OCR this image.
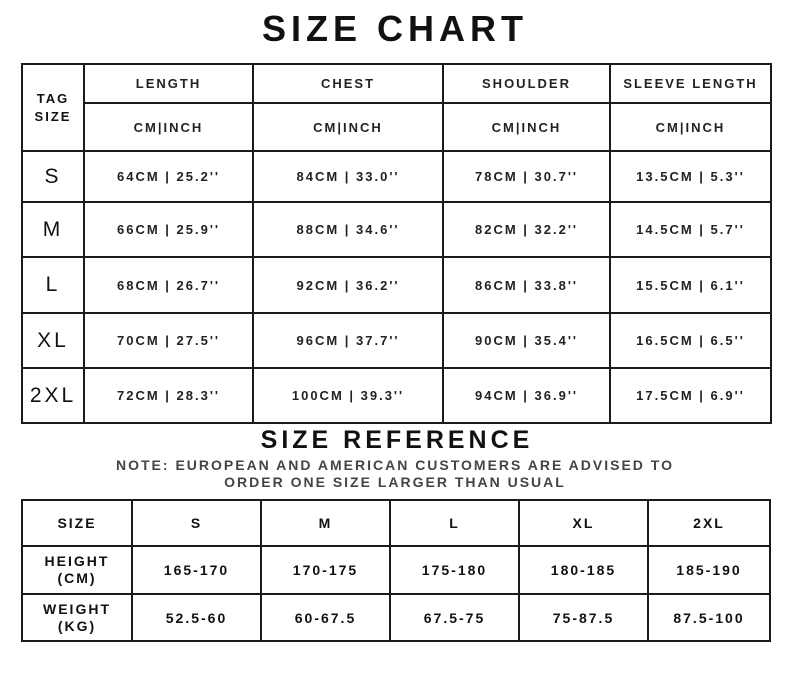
SIZE CHART
TAG
SIZE	LENGTH	CHEST	SHOULDER	SLEEVE LENGTH
	CM|INCH	CM|INCH	CM|INCH	CM|INCH
S	64CM | 25.2''	84CM | 33.0''	78CM | 30.7''	13.5CM | 5.3''
M	66CM | 25.9''	88CM | 34.6''	82CM | 32.2''	14.5CM | 5.7''
L	68CM | 26.7''	92CM | 36.2''	86CM | 33.8''	15.5CM | 6.1''
XL	70CM | 27.5''	96CM | 37.7''	90CM | 35.4''	16.5CM | 6.5''
2XL	72CM | 28.3''	100CM | 39.3''	94CM | 36.9''	17.5CM | 6.9''
SIZE REFERENCE
NOTE: EUROPEAN AND AMERICAN CUSTOMERS ARE ADVISED TO
ORDER ONE SIZE LARGER THAN USUAL
SIZE	S	M	L	XL	2XL

HEIGHT
(CM)	165-170	170-175	175-180	180-185	185-190

WEIGHT
(KG)	52.5-60	60-67.5	67.5-75	75-87.5	87.5-100
